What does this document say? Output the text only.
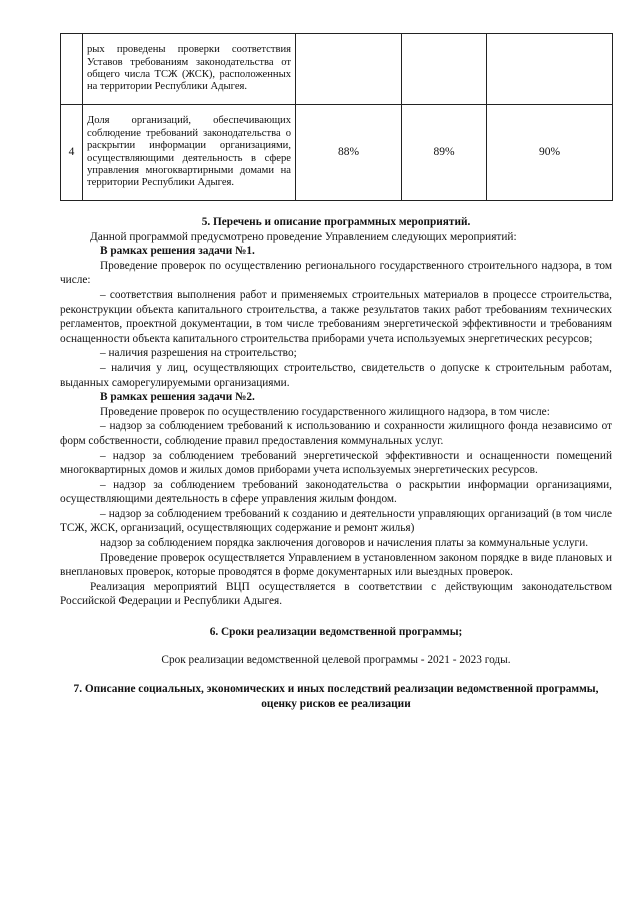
	рых проведены проверки соответствия Уставов требованиям законодательства от общего числа ТСЖ (ЖСК), расположенных на территории Республики Адыгея.			
4	Доля организаций, обеспечивающих соблюдение требований законодательства о раскрытии информации организациями, осуществляющими деятельность в сфере управления многоквартирными домами на территории Республики Адыгея.	88%	89%	90%

5. Перечень и описание программных мероприятий.

Данной программой предусмотрено проведение Управлением следующих мероприятий:

В рамках решения задачи №1.

Проведение проверок по осуществлению регионального государственного строительного надзора, в том числе:

– соответствия выполнения работ и применяемых строительных материалов в процессе строительства, реконструкции объекта капитального строительства, а также результатов таких работ требованиям технических регламентов, проектной документации, в том числе требованиям энергетической эффективности и требованиям оснащенности объекта капитального строительства приборами учета используемых энергетических ресурсов;

– наличия разрешения на строительство;

– наличия у лиц, осуществляющих строительство, свидетельств о допуске к строительным работам, выданных саморегулируемыми организациями.

В рамках решения задачи №2.

Проведение проверок по осуществлению государственного жилищного надзора, в том числе:

– надзор за соблюдением требований к использованию и сохранности жилищного фонда независимо от форм собственности, соблюдение правил предоставления коммунальных услуг.

– надзор за соблюдением требований энергетической эффективности и оснащенности помещений многоквартирных домов и жилых домов приборами учета используемых энергетических ресурсов.

– надзор за соблюдением требований законодательства о раскрытии информации организациями, осуществляющими деятельность в сфере управления жилым фондом.

– надзор за соблюдением требований к созданию и деятельности управляющих организаций (в том числе ТСЖ, ЖСК, организаций, осуществляющих содержание и ремонт жилья)

надзор за соблюдением порядка заключения договоров и начисления платы за коммунальные услуги.

Проведение проверок осуществляется Управлением в установленном законом порядке в виде плановых и внеплановых проверок, которые проводятся в форме документарных или выездных проверок.

Реализация мероприятий ВЦП осуществляется в соответствии с действующим законодательством Российской Федерации и Республики Адыгея.

6. Сроки реализации ведомственной программы;

Срок реализации ведомственной целевой программы - 2021 - 2023 годы.

7. Описание социальных, экономических и иных последствий реализации ведомственной программы, оценку рисков ее реализации
